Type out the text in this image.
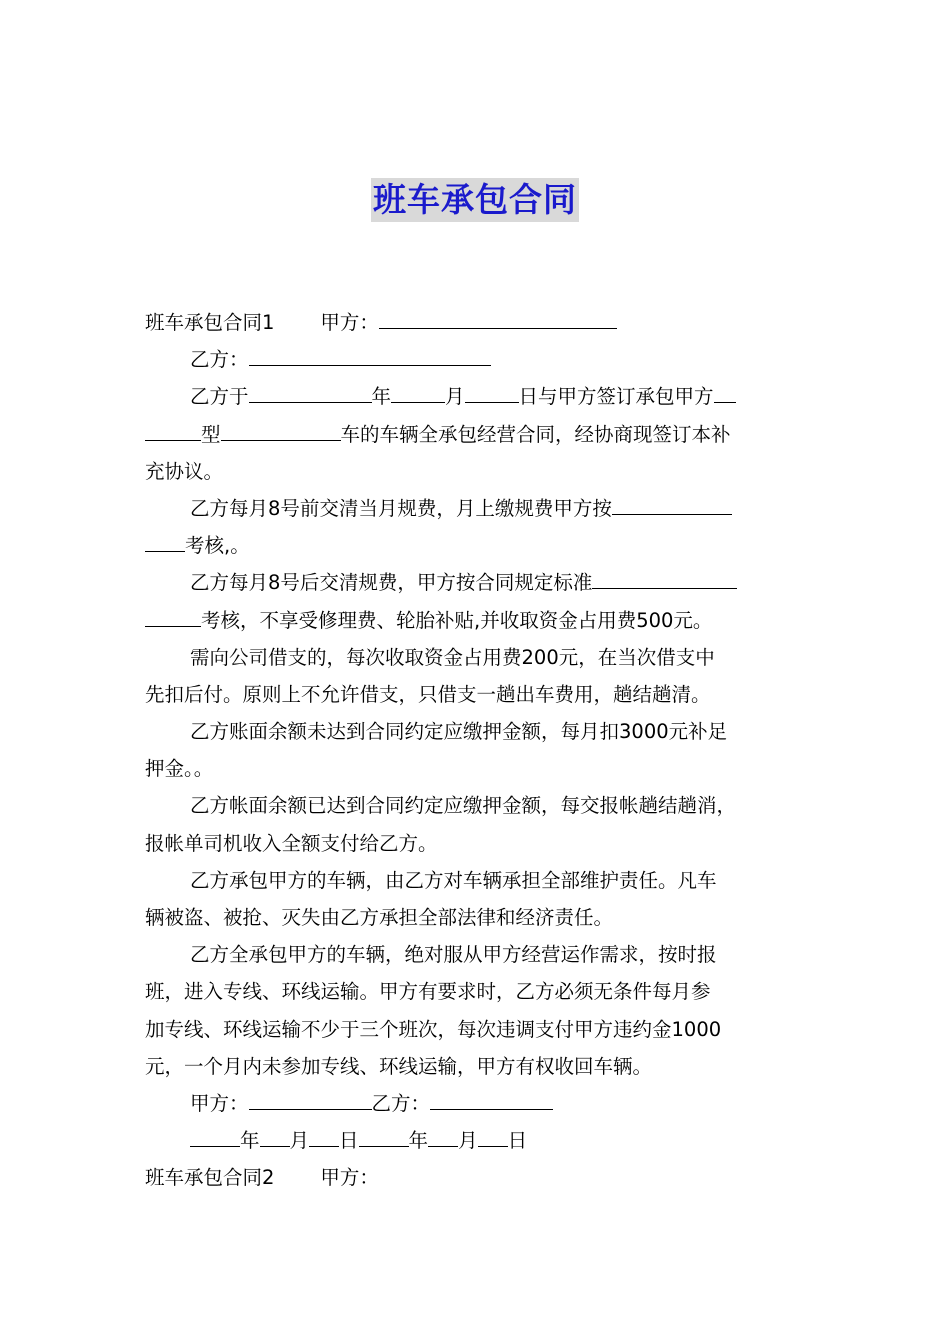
班车承包合同
班车承包合同1 甲方：
乙方：
乙方于	年	月	日与甲方签订承包甲方
型	车的车辆全承包经营合同，经协商现签订本补
充协议。
乙方每月8号前交清当月规费，月上缴规费甲方按
考核,。
乙方每月8号后交清规费，甲方按合同规定标准
考核，不享受修理费、轮胎补贴,并收取资金占用费500元。
需向公司借支的，每次收取资金占用费200元，在当次借支中
先扣后付。原则上不允许借支，只借支一趟出车费用，趟结趟清。
乙方账面余额未达到合同约定应缴押金额，每月扣3000元补足
押金。。
乙方帐面余额已达到合同约定应缴押金额，每交报帐趟结趟消，
报帐单司机收入全额支付给乙方。
乙方承包甲方的车辆，由乙方对车辆承担全部维护责任。凡车
辆被盗、被抢、灭失由乙方承担全部法律和经济责任。
乙方全承包甲方的车辆，绝对服从甲方经营运作需求，按时报
班，进入专线、环线运输。甲方有要求时，乙方必须无条件每月参
加专线、环线运输不少于三个班次，每次违调支付甲方违约金1000
元，一个月内未参加专线、环线运输，甲方有权收回车辆。
甲方：	乙方：
年 月 日	年 月 日
班车承包合同2 甲方：
